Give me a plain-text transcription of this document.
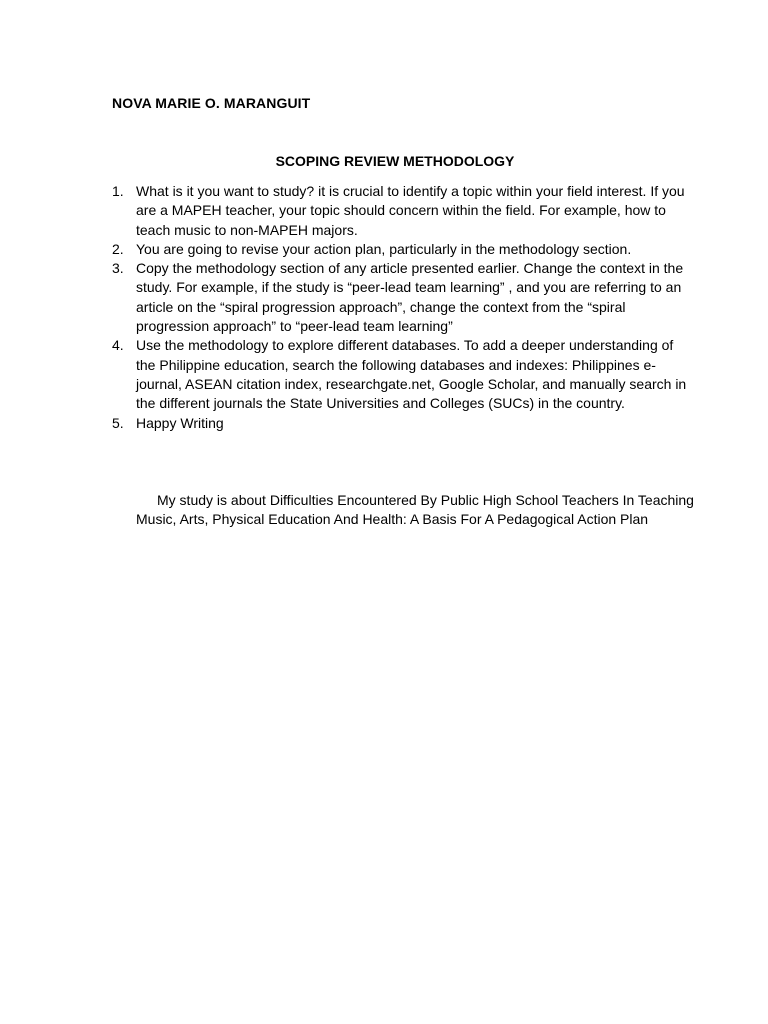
NOVA MARIE O. MARANGUIT
SCOPING REVIEW METHODOLOGY
1. What is it you want to study? it is crucial to identify a topic within your field interest. If you are a MAPEH teacher, your topic should concern within the field. For example, how to teach music to non-MAPEH majors.
2. You are going to revise your action plan, particularly in the methodology section.
3. Copy the methodology section of any article presented earlier. Change the context in the study. For example, if the study is “peer-lead team learning” , and you are referring to an article on the “spiral progression approach”, change the context from the “spiral progression approach” to “peer-lead team learning”
4. Use the methodology to explore different databases. To add a deeper understanding of the Philippine education, search the following databases and indexes: Philippines e-journal, ASEAN citation index, researchgate.net, Google Scholar, and manually search in the different journals the State Universities and Colleges (SUCs) in the country.
5. Happy Writing

My study is about Difficulties Encountered By Public High School Teachers In Teaching Music, Arts, Physical Education And Health: A Basis For A Pedagogical Action Plan
